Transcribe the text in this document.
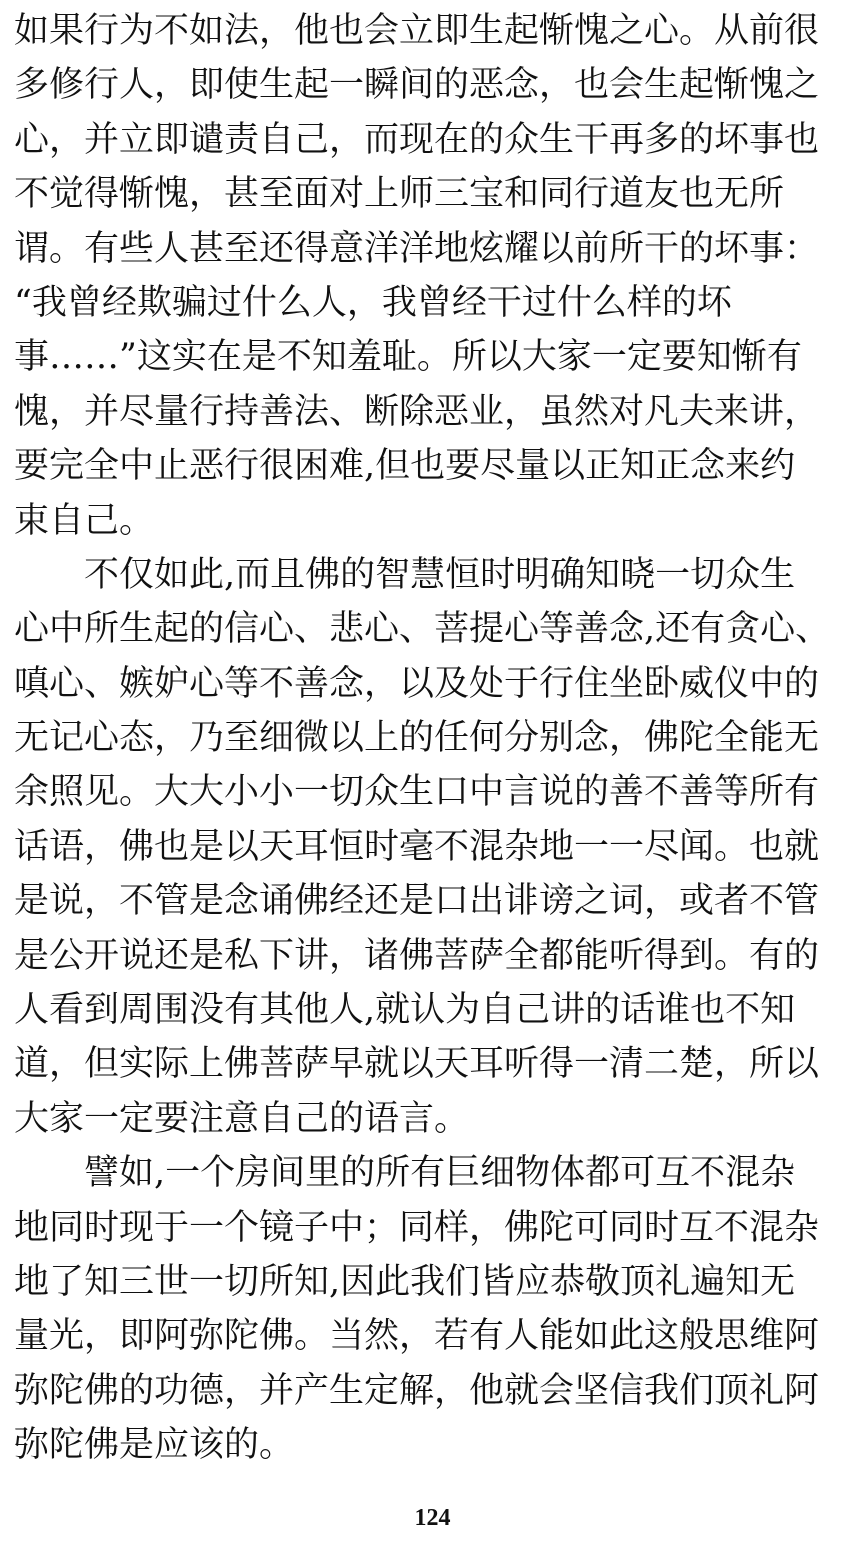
如果行为不如法，他也会立即生起惭愧之心。从前很
多修行人，即使生起一瞬间的恶念，也会生起惭愧之
心，并立即谴责自己，而现在的众生干再多的坏事也
不觉得惭愧，甚至面对上师三宝和同行道友也无所
谓。有些人甚至还得意洋洋地炫耀以前所干的坏事：
“我曾经欺骗过什么人，我曾经干过什么样的坏
事……”这实在是不知羞耻。所以大家一定要知惭有
愧，并尽量行持善法、断除恶业，虽然对凡夫来讲，
要完全中止恶行很困难,但也要尽量以正知正念来约
束自己。
　　不仅如此,而且佛的智慧恒时明确知晓一切众生
心中所生起的信心、悲心、菩提心等善念,还有贪心、
嗔心、嫉妒心等不善念，以及处于行住坐卧威仪中的
无记心态，乃至细微以上的任何分别念，佛陀全能无
余照见。大大小小一切众生口中言说的善不善等所有
话语，佛也是以天耳恒时毫不混杂地一一尽闻。也就
是说，不管是念诵佛经还是口出诽谤之词，或者不管
是公开说还是私下讲，诸佛菩萨全都能听得到。有的
人看到周围没有其他人,就认为自己讲的话谁也不知
道，但实际上佛菩萨早就以天耳听得一清二楚，所以
大家一定要注意自己的语言。
　　譬如,一个房间里的所有巨细物体都可互不混杂
地同时现于一个镜子中；同样，佛陀可同时互不混杂
地了知三世一切所知,因此我们皆应恭敬顶礼遍知无
量光，即阿弥陀佛。当然，若有人能如此这般思维阿
弥陀佛的功德，并产生定解，他就会坚信我们顶礼阿
弥陀佛是应该的。
124
